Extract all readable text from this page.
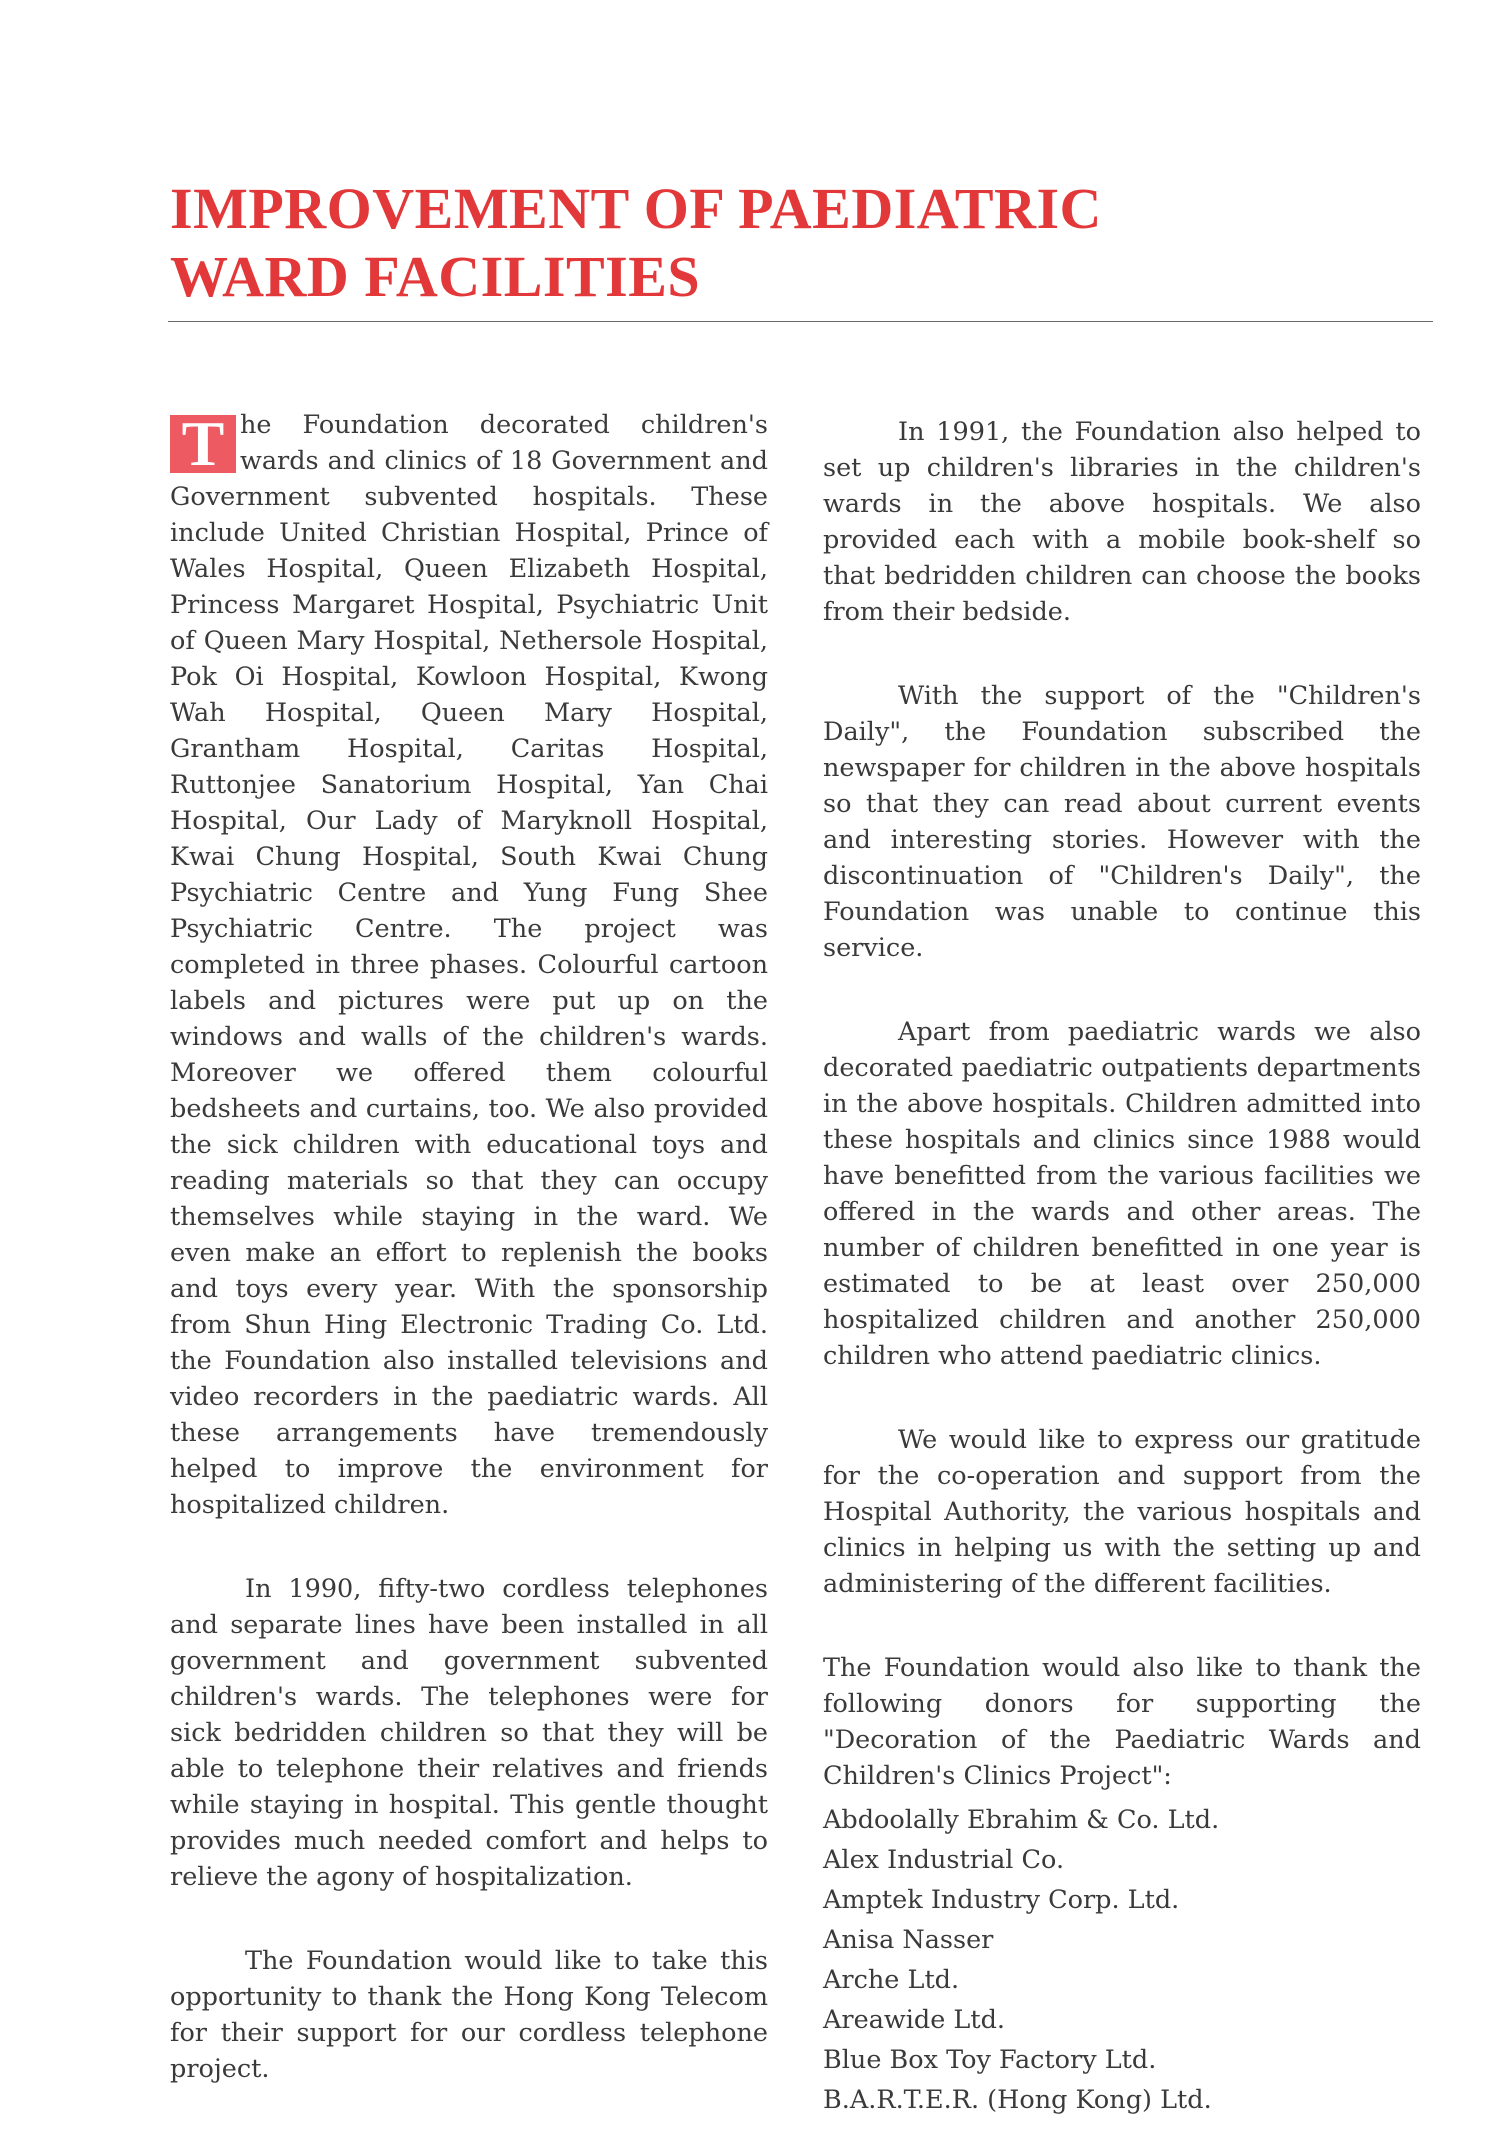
IMPROVEMENT OF PAEDIATRIC
WARD FACILITIES

T he Foundation decorated children's wards and clinics of 18 Government and Government subvented hospitals. These include United Christian Hospital, Prince of Wales Hospital, Queen Elizabeth Hospital, Princess Margaret Hospital, Psychiatric Unit of Queen Mary Hospital, Nethersole Hospital, Pok Oi Hospital, Kowloon Hospital, Kwong Wah Hospital, Queen Mary Hospital, Grantham Hospital, Caritas Hospital, Ruttonjee Sanatorium Hospital, Yan Chai Hospital, Our Lady of Maryknoll Hospital, Kwai Chung Hospital, South Kwai Chung Psychiatric Centre and Yung Fung Shee Psychiatric Centre. The project was completed in three phases. Colourful cartoon labels and pictures were put up on the windows and walls of the children's wards. Moreover we offered them colourful bedsheets and curtains, too. We also provided the sick children with educational toys and reading materials so that they can occupy themselves while staying in the ward. We even make an effort to replenish the books and toys every year. With the sponsorship from Shun Hing Electronic Trading Co. Ltd. the Foundation also installed televisions and video recorders in the paediatric wards. All these arrangements have tremendously helped to improve the environment for hospitalized children.

In 1990, fifty-two cordless telephones and separate lines have been installed in all government and government subvented children's wards. The telephones were for sick bedridden children so that they will be able to telephone their relatives and friends while staying in hospital. This gentle thought provides much needed comfort and helps to relieve the agony of hospitalization.

The Foundation would like to take this opportunity to thank the Hong Kong Telecom for their support for our cordless telephone project.

In 1991, the Foundation also helped to set up children's libraries in the children's wards in the above hospitals. We also provided each with a mobile book-shelf so that bedridden children can choose the books from their bedside.

With the support of the "Children's Daily", the Foundation subscribed the newspaper for children in the above hospitals so that they can read about current events and interesting stories. However with the discontinuation of "Children's Daily", the Foundation was unable to continue this service.

Apart from paediatric wards we also decorated paediatric outpatients departments in the above hospitals. Children admitted into these hospitals and clinics since 1988 would have benefitted from the various facilities we offered in the wards and other areas. The number of children benefitted in one year is estimated to be at least over 250,000 hospitalized children and another 250,000 children who attend paediatric clinics.

We would like to express our gratitude for the co-operation and support from the Hospital Authority, the various hospitals and clinics in helping us with the setting up and administering of the different facilities.

The Foundation would also like to thank the following donors for supporting the "Decoration of the Paediatric Wards and Children's Clinics Project":

Abdoolally Ebrahim & Co. Ltd.
Alex Industrial Co.
Amptek Industry Corp. Ltd.
Anisa Nasser
Arche Ltd.
Areawide Ltd.
Blue Box Toy Factory Ltd.
B.A.R.T.E.R. (Hong Kong) Ltd.
